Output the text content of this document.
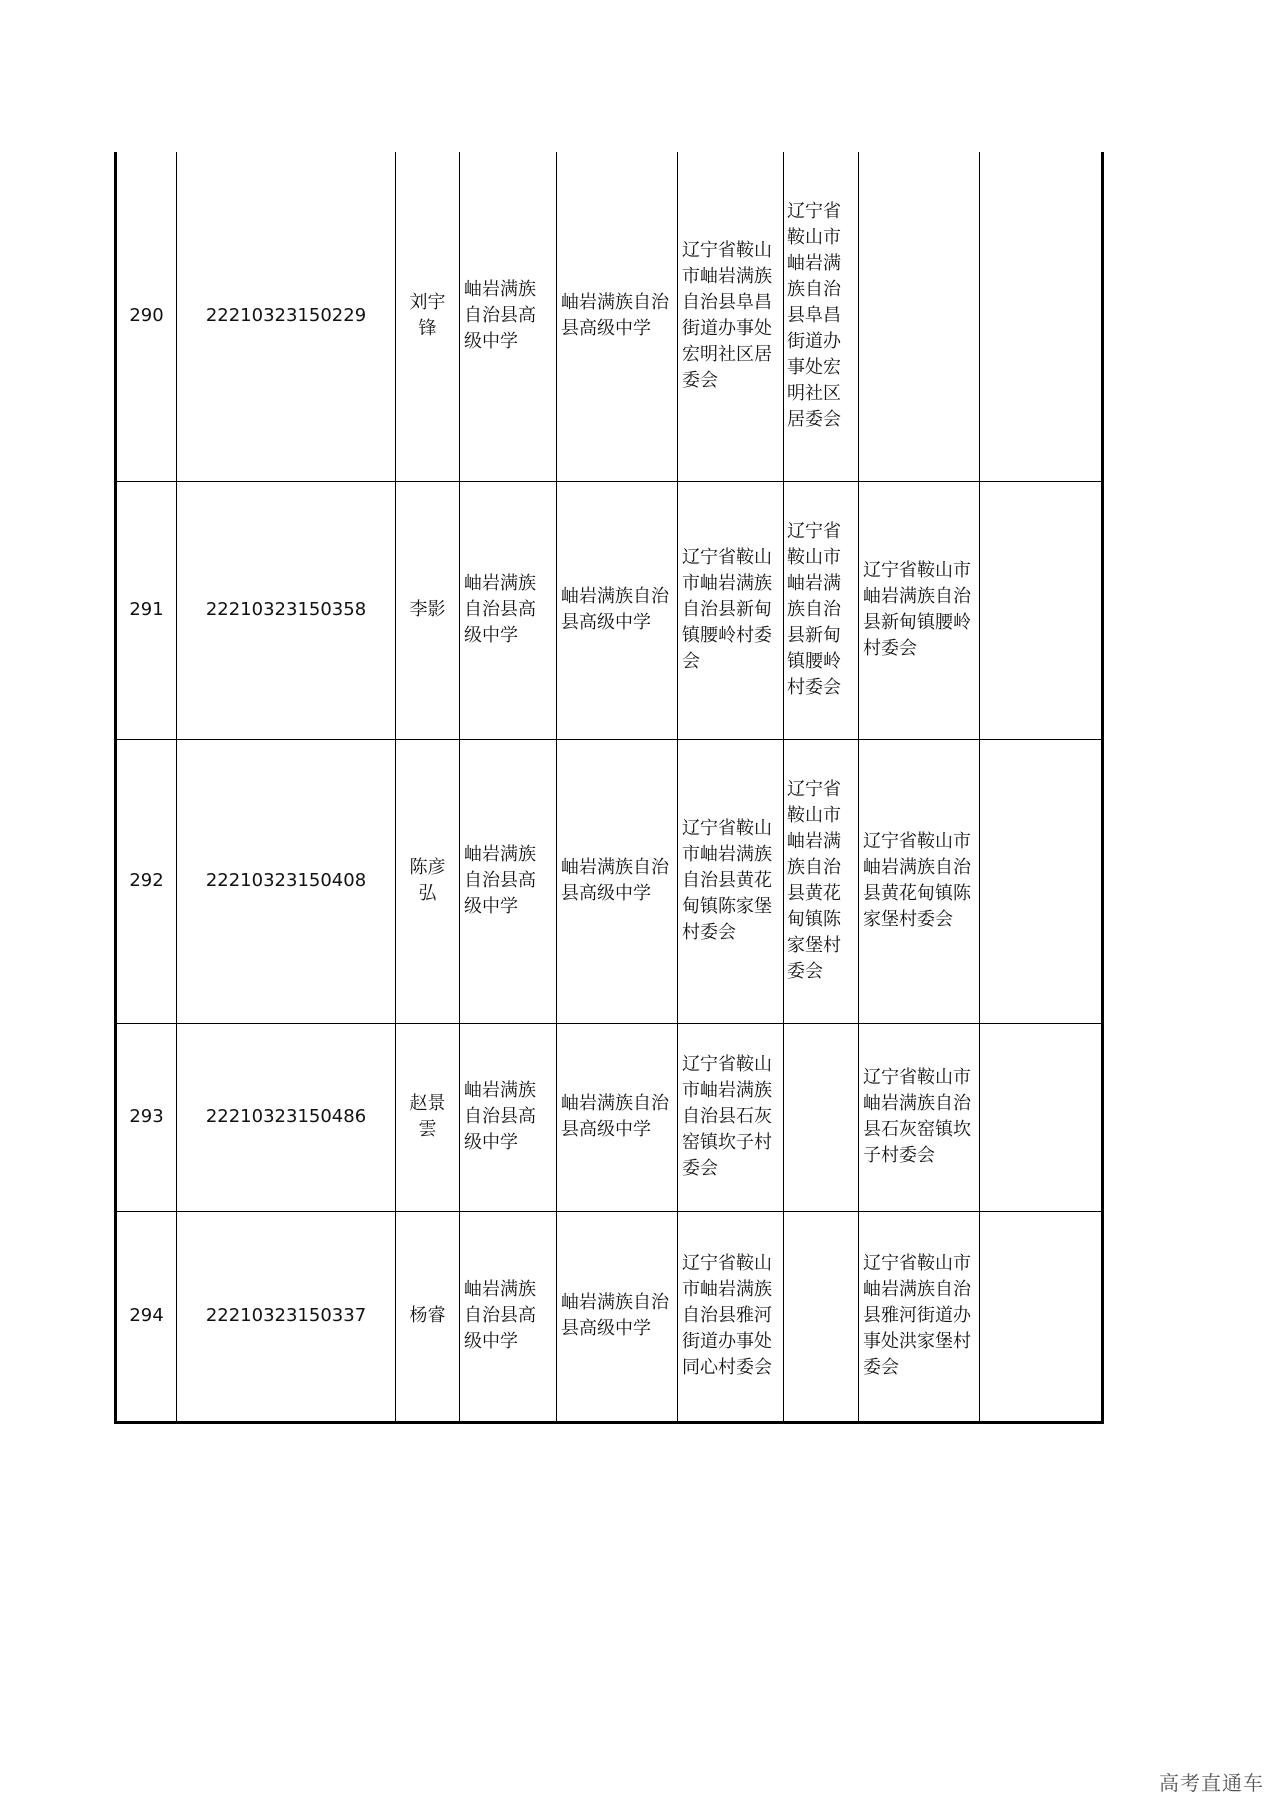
290	22210323150229	刘宇锋	岫岩满族自治县高级中学	岫岩满族自治县高级中学	辽宁省鞍山市岫岩满族自治县阜昌街道办事处宏明社区居委会	辽宁省鞍山市岫岩满族自治县阜昌街道办事处宏明社区居委会		
291	22210323150358	李影	岫岩满族自治县高级中学	岫岩满族自治县高级中学	辽宁省鞍山市岫岩满族自治县新甸镇腰岭村委会	辽宁省鞍山市岫岩满族自治县新甸镇腰岭村委会	辽宁省鞍山市岫岩满族自治县新甸镇腰岭村委会	
292	22210323150408	陈彦弘	岫岩满族自治县高级中学	岫岩满族自治县高级中学	辽宁省鞍山市岫岩满族自治县黄花甸镇陈家堡村委会	辽宁省鞍山市岫岩满族自治县黄花甸镇陈家堡村委会	辽宁省鞍山市岫岩满族自治县黄花甸镇陈家堡村委会	
293	22210323150486	赵景雲	岫岩满族自治县高级中学	岫岩满族自治县高级中学	辽宁省鞍山市岫岩满族自治县石灰窑镇坎子村委会		辽宁省鞍山市岫岩满族自治县石灰窑镇坎子村委会	
294	22210323150337	杨睿	岫岩满族自治县高级中学	岫岩满族自治县高级中学	辽宁省鞍山市岫岩满族自治县雅河街道办事处同心村委会		辽宁省鞍山市岫岩满族自治县雅河街道办事处洪家堡村委会	
高考直通车
